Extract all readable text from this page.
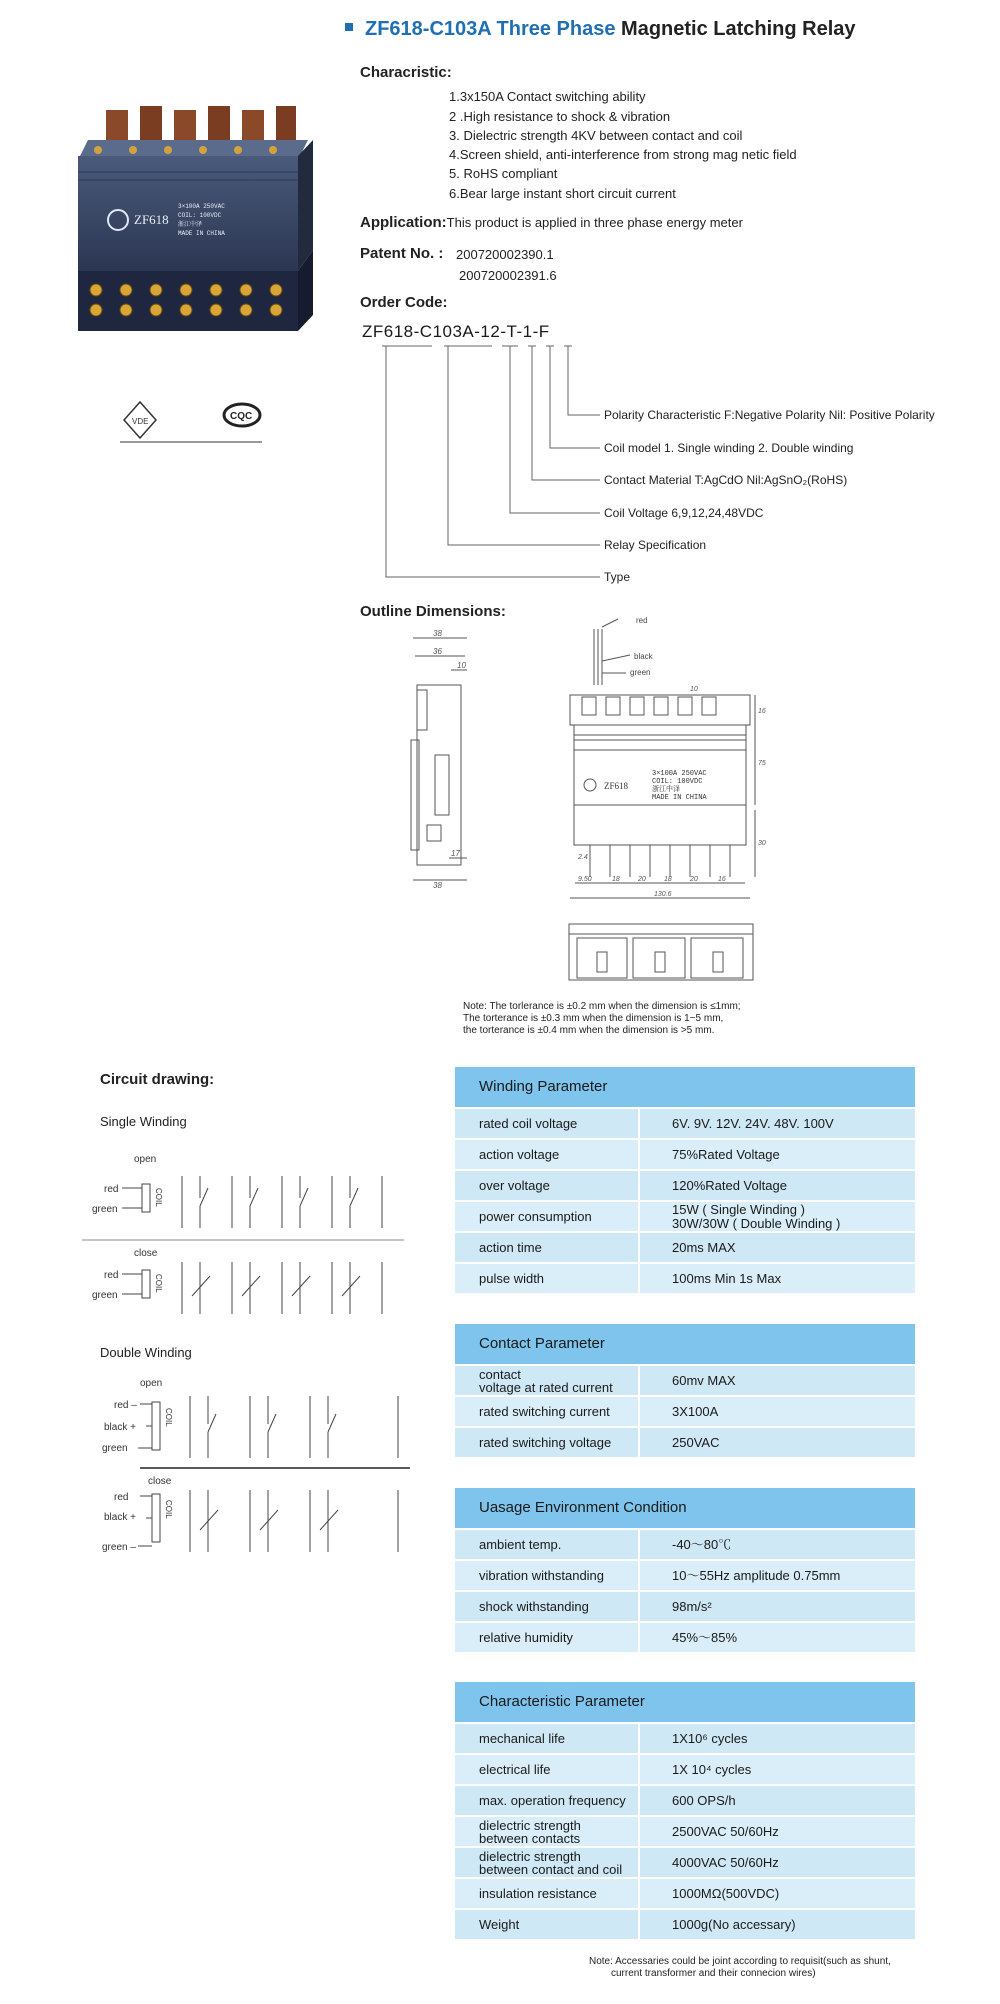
ZF618-C103A Three Phase Magnetic Latching Relay
ZF618
3×100A 250VAC
COIL: 100VDC
浙江中泽
MADE IN CHINA
VDE	CQC
Characristic:
1.3x150A Contact switching ability
2 .High resistance to shock & vibration
3. Dielectric strength 4KV between contact and coil
4.Screen shield, anti-interference from strong mag netic field
5. RoHS compliant
6.Bear large instant short circuit current
Application:This product is applied in three phase energy meter
Patent No. : 200720002390.1
200720002391.6
Order Code:
ZF618-C103A-12-T-1-F
Polarity Characteristic F:Negative Polarity Nil: Positive Polarity
Coil model 1. Single winding 2. Double winding
Contact Material T:AgCdO Nil:AgSnO₂(RoHS)
Coil Voltage 6,9,12,24,48VDC
Relay Specification
Type
Outline Dimensions:
38
36
10
17
38
red
black
green
ZF618
3×100A 250VAC
COIL: 100VDC
浙江中泽
MADE IN CHINA
16
10
75
30
2.4
9.50	18	20	18	20	16
130.6
Note: The torlerance is ±0.2 mm when the dimension is ≤1mm;
The torterance is ±0.3 mm when the dimension is 1~5 mm,
the torterance is ±0.4 mm when the dimension is >5 mm.
Circuit drawing:
Single Winding
open
red
green
close
red
green
COIL
COIL
Double Winding
open
red –
black +
green
close
red
black +
green –
COIL
COIL
Winding Parameter
rated coil voltage	6V. 9V. 12V. 24V. 48V. 100V
action voltage	75%Rated Voltage
over voltage	120%Rated Voltage
power consumption	15W ( Single Winding )
30W/30W ( Double Winding )
action time	20ms MAX
pulse width	100ms Min 1s Max
Contact Parameter
contact
voltage at rated current	60mv MAX
rated switching current	3X100A
rated switching voltage	250VAC
Uasage Environment Condition
ambient temp.	-40～80℃
vibration withstanding	10～55Hz amplitude 0.75mm
shock withstanding	98m/s²
relative humidity	45%～85%
Characteristic Parameter
mechanical life	1X10⁶ cycles
electrical life	1X 10⁴ cycles
max. operation frequency	600 OPS/h
dielectric strength
between contacts	2500VAC 50/60Hz
dielectric strength
between contact and coil	4000VAC 50/60Hz
insulation resistance	1000MΩ(500VDC)
Weight	1000g(No accessary)
Note: Accessaries could be joint according to requisit(such as shunt,
current transformer and their connecion wires)
